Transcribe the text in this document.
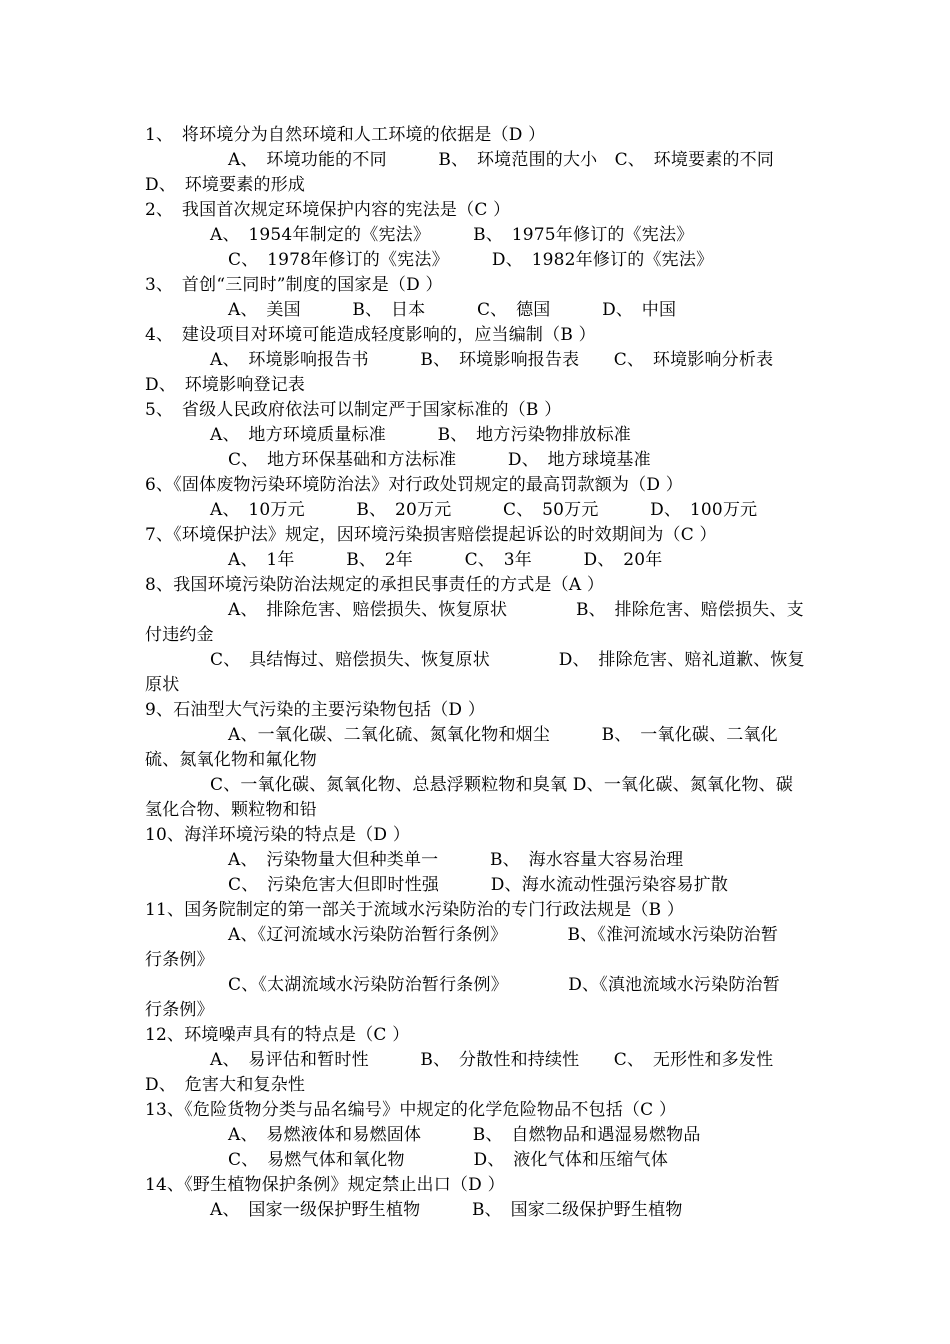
1、　将环境分为自然环境和人工环境的依据是（D ）
A、　环境功能的不同　　　B、　环境范围的大小　C、　环境要素的不同
D、　环境要素的形成
2、　我国首次规定环境保护内容的宪法是（C ）
A、　1954年制定的《宪法》　　　B、　1975年修订的《宪法》
C、　1978年修订的《宪法》　　　D、　1982年修订的《宪法》
3、　首创“三同时”制度的国家是（D ）
A、　美国　　　B、　日本　　　C、　德国　　　D、　中国
4、　建设项目对环境可能造成轻度影响的，应当编制（B ）
A、　环境影响报告书　　　B、　环境影响报告表　　C、　环境影响分析表
D、　环境影响登记表
5、　省级人民政府依法可以制定严于国家标准的（B ）
A、　地方环境质量标准　　　B、　地方污染物排放标准
C、　地方环保基础和方法标准　　　D、　地方球境基准
6、《固体废物污染环境防治法》对行政处罚规定的最高罚款额为（D ）
A、　10万元　　　B、　20万元　　　C、　50万元　　　D、　100万元
7、《环境保护法》规定，因环境污染损害赔偿提起诉讼的时效期间为（C ）
A、　1年　　　B、　2年　　　C、　3年　　　D、　20年
8、我国环境污染防治法规定的承担民事责任的方式是（A ）
A、　排除危害、赔偿损失、恢复原状　　　　B、　排除危害、赔偿损失、支
付违约金
C、　具结悔过、赔偿损失、恢复原状　　　　D、　排除危害、赔礼道歉、恢复
原状
9、石油型大气污染的主要污染物包括（D ）
A、一氧化碳、二氧化硫、氮氧化物和烟尘　　　B、　一氧化碳、二氧化
硫、氮氧化物和氟化物
C、一氧化碳、氮氧化物、总悬浮颗粒物和臭氧 D、一氧化碳、氮氧化物、碳
氢化合物、颗粒物和铅
10、海洋环境污染的特点是（D ）
A、　污染物量大但种类单一　　　B、　海水容量大容易治理
C、　污染危害大但即时性强　　　D、海水流动性强污染容易扩散
11、国务院制定的第一部关于流域水污染防治的专门行政法规是（B ）
A、《辽河流域水污染防治暂行条例》　　　　B、《淮河流域水污染防治暂
行条例》
C、《太湖流域水污染防治暂行条例》　　　　D、《滇池流域水污染防治暂
行条例》
12、环境噪声具有的特点是（C ）
A、　易评估和暂时性　　　B、　分散性和持续性　　C、　无形性和多发性
D、　危害大和复杂性
13、《危险货物分类与品名编号》中规定的化学危险物品不包括（C ）
A、　易燃液体和易燃固体　　　B、　自燃物品和遇湿易燃物品
C、　易燃气体和氧化物　　　　D、　液化气体和压缩气体
14、《野生植物保护条例》规定禁止出口（D ）
A、　国家一级保护野生植物　　　B、　国家二级保护野生植物
